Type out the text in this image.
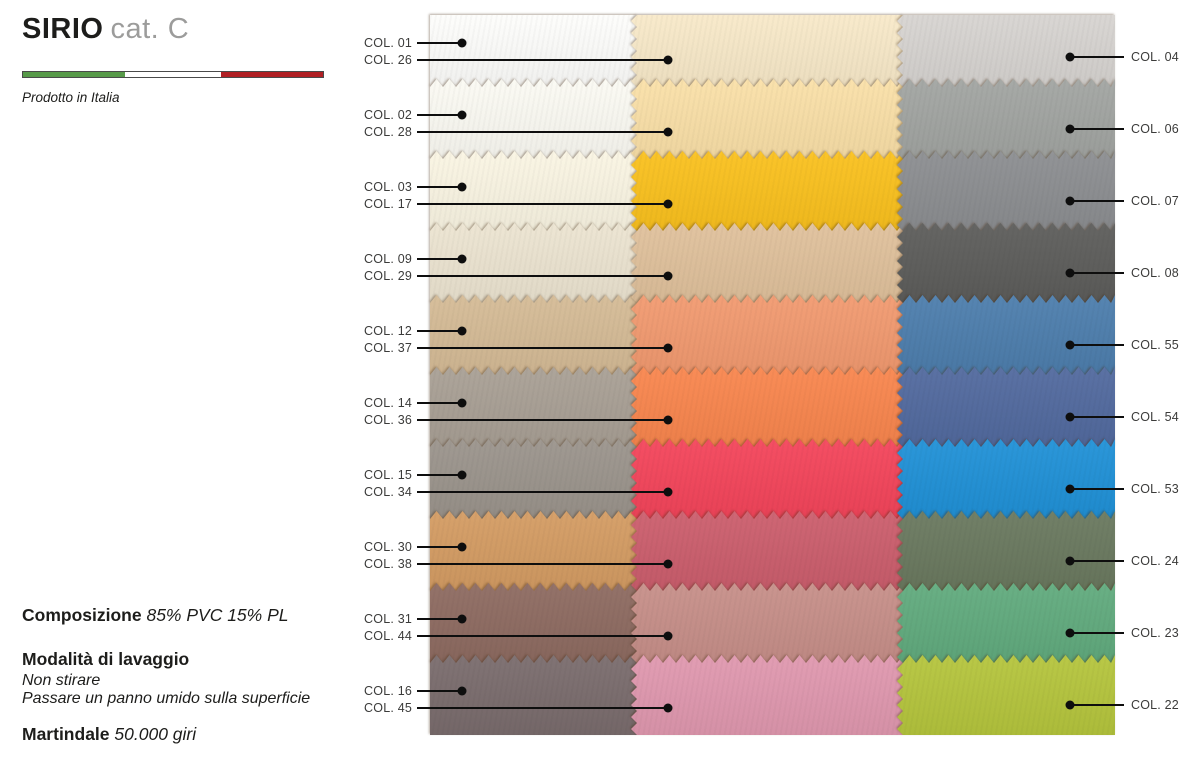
SIRIO cat. C
Prodotto in Italia

Composizione 85% PVC 15% PL

Modalità di lavaggio

Non stirare

Passare un panno umido sulla superficie

Martindale 50.000 giri

COL. 01
COL. 26	COL. 04
COL. 02
COL. 28	COL. 06
COL. 03
COL. 17	COL. 07
COL. 09
COL. 29	COL. 08
COL. 12
COL. 37	COL. 55
COL. 14
COL. 36	COL. 54
COL. 15
COL. 34	COL. 53
COL. 30
COL. 38	COL. 24
COL. 31
COL. 44	COL. 23
COL. 16
COL. 45	COL. 22
